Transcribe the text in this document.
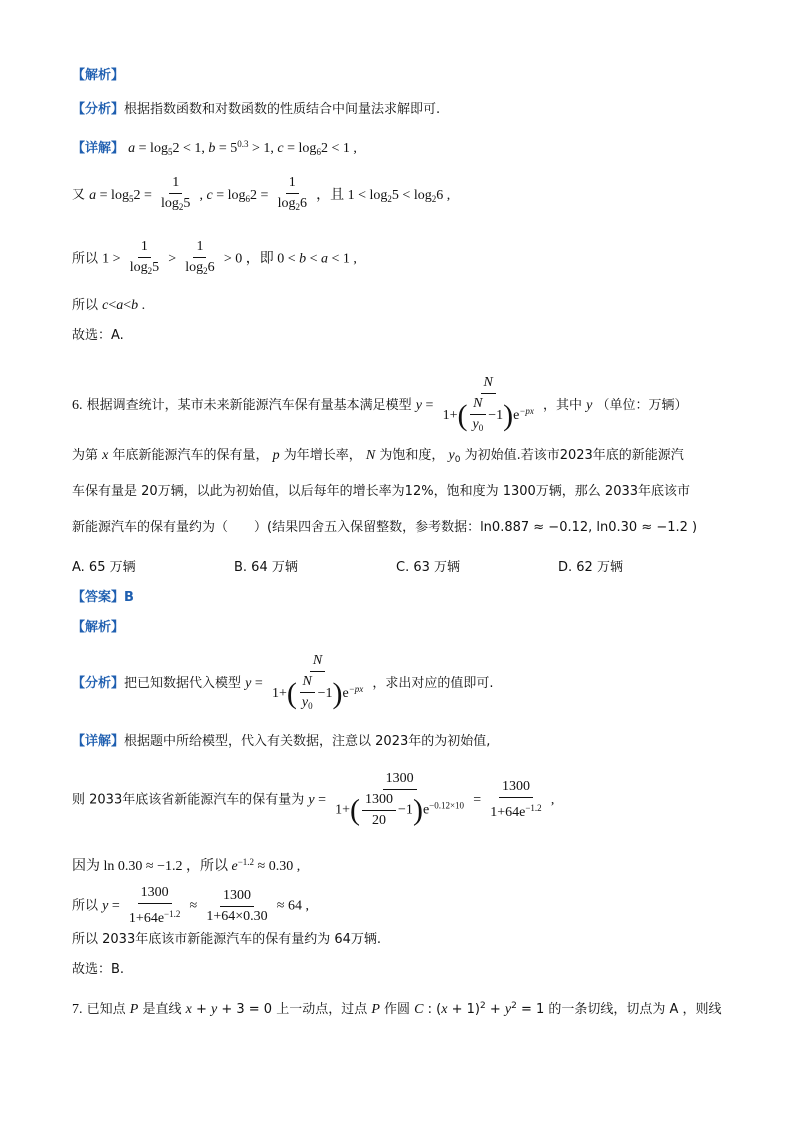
【解析】
【分析】根据指数函数和对数函数的性质结合中间量法求解即可.
【详解】 $a = \log_52 < 1$, $b = 5^{0.3} > 1$, $c = \log_62 < 1$ ,
又 $a = \log_52 = \frac{1}{\log_25}$ , $c = \log_62 = \frac{1}{\log_26}$ ，且 $1 < \log_25 < \log_26$ ,
所以 $1 > \frac{1}{\log_25} > \frac{1}{\log_26} > 0$ ，即 0 < b < a < 1 ,
所以 c<a<b .
故选：A.
6. 根据调查统计，某市未来新能源汽车保有量基本满足模型 $y = \frac{N}{1+( \frac{N}{y_0} -1)e^{-px}}$ ，其中 y （单位：万辆）
为第 x 年底新能源汽车的保有量， p 为年增长率， N 为饱和度， $y_0$ 为初始值.若该市2023年底的新能源汽
车保有量是 20万辆，以此为初始值，以后每年的增长率为12%，饱和度为 1300万辆，那么 2033年底该市
新能源汽车的保有量约为（　　）(结果四舍五入保留整数，参考数据：ln0.887 ≈ −0.12, ln0.30 ≈ −1.2 )
A. 65 万辆	B. 64 万辆	C. 63 万辆	D. 62 万辆
【答案】B
【解析】
【分析】把已知数据代入模型 $y = \frac{N}{1+( \frac{N}{y_0} -1)e^{-px}}$ ，求出对应的值即可.
【详解】根据题中所给模型，代入有关数据，注意以 2023年的为初始值,
则 2033年底该省新能源汽车的保有量为 $y = \frac{1300}{1+( \frac{1300}{20} -1)e^{-0.12\times 10}} = \frac{1300}{1+64e^{-1.2}}$ ,
因为 ln 0.30 ≈ −1.2 ，所以 $e^{-1.2} \approx 0.30$ ,
所以 $y = \frac{1300}{1+64e^{-1.2}} \approx \frac{1300}{1+64\times 0.30} \approx 64$ ,
所以 2033年底该市新能源汽车的保有量约为 64万辆.
故选：B.
7. 已知点 P 是直线 x + y + 3 = 0 上一动点，过点 P 作圆 C : $(x + 1)^2 + y^2 = 1$ 的一条切线，切点为 A ，则线
